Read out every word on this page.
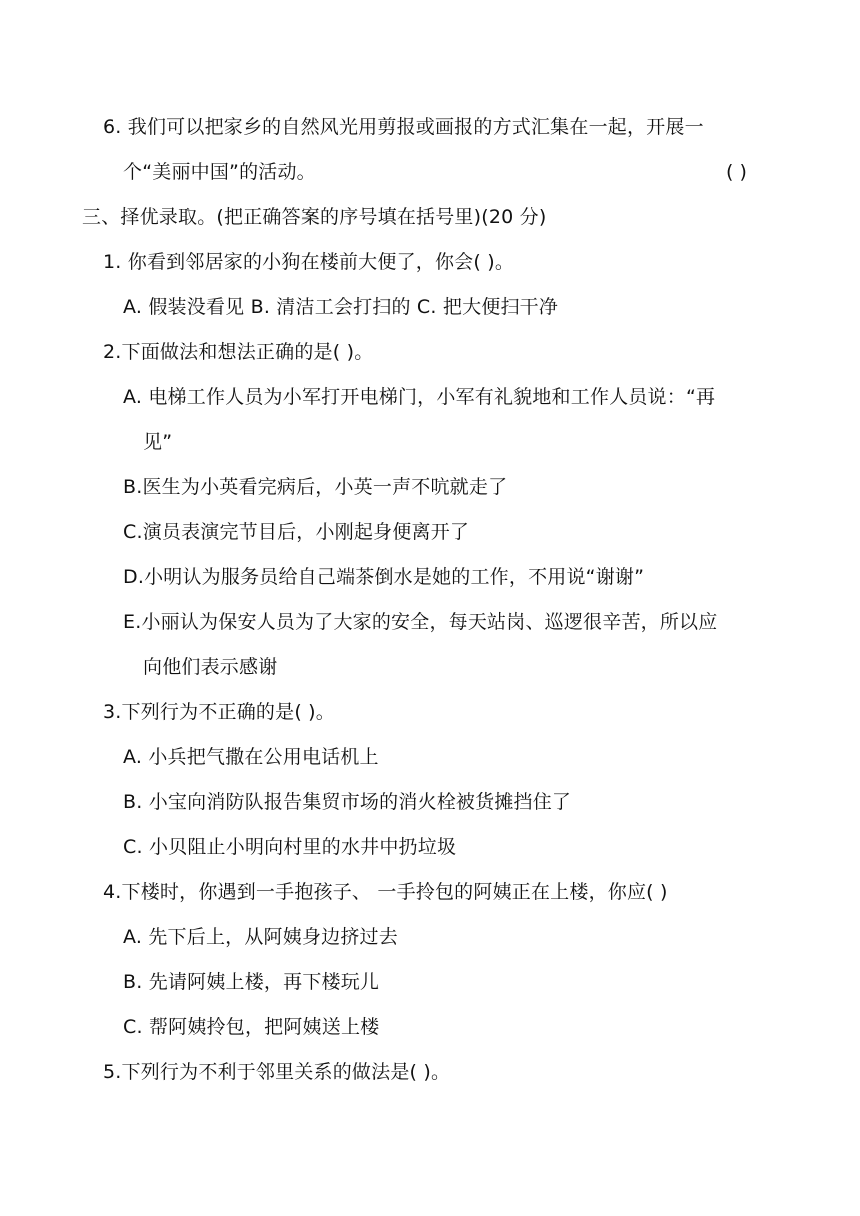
6. 我们可以把家乡的自然风光用剪报或画报的方式汇集在一起，开展一
个“美丽中国”的活动。	( )
三、择优录取。(把正确答案的序号填在括号里)(20 分)
1. 你看到邻居家的小狗在楼前大便了，你会( )。
A. 假装没看见 B. 清洁工会打扫的 C. 把大便扫干净
2.下面做法和想法正确的是( )。
A. 电梯工作人员为小军打开电梯门，小军有礼貌地和工作人员说：“再
见”
B.医生为小英看完病后，小英一声不吭就走了
C.演员表演完节目后，小刚起身便离开了
D.小明认为服务员给自己端茶倒水是她的工作，不用说“谢谢”
E.小丽认为保安人员为了大家的安全，每天站岗、巡逻很辛苦，所以应
向他们表示感谢
3.下列行为不正确的是( )。
A. 小兵把气撒在公用电话机上
B. 小宝向消防队报告集贸市场的消火栓被货摊挡住了
C. 小贝阻止小明向村里的水井中扔垃圾
4.下楼时，你遇到一手抱孩子、 一手拎包的阿姨正在上楼，你应( )
A. 先下后上，从阿姨身边挤过去
B. 先请阿姨上楼，再下楼玩儿
C. 帮阿姨拎包，把阿姨送上楼
5.下列行为不利于邻里关系的做法是( )。
